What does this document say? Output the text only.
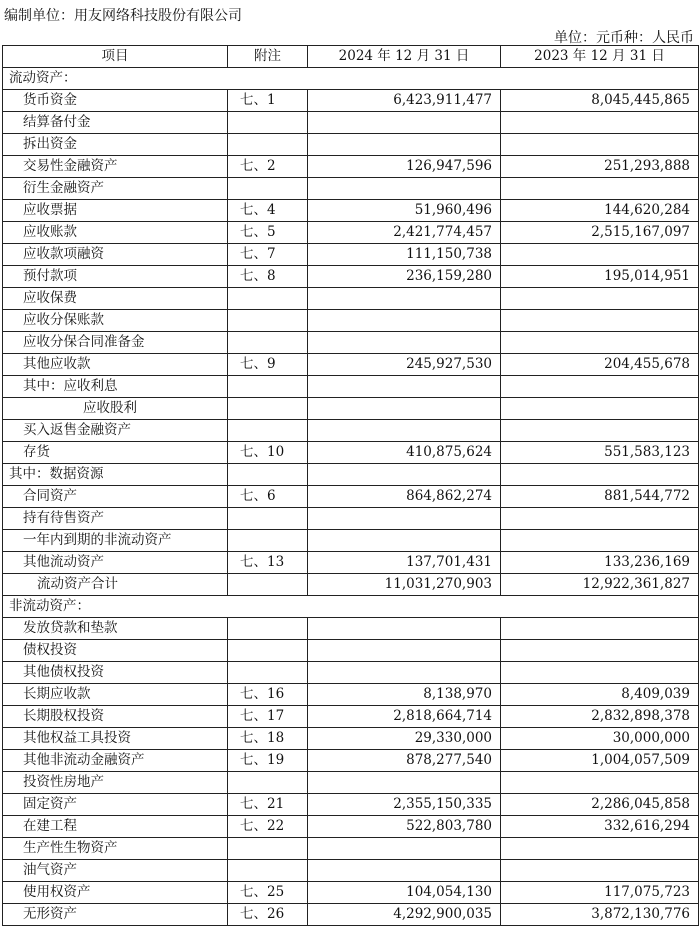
编制单位：用友网络科技股份有限公司
单位：元币种：人民币
项目	附注	2024 年 12 月 31 日	2023 年 12 月 31 日
流动资产：			
货币资金	七、1	6,423,911,477	8,045,445,865
结算备付金			
拆出资金			
交易性金融资产	七、2	126,947,596	251,293,888
衍生金融资产			
应收票据	七、4	51,960,496	144,620,284
应收账款	七、5	2,421,774,457	2,515,167,097
应收款项融资	七、7	111,150,738	
预付款项	七、8	236,159,280	195,014,951
应收保费			
应收分保账款			
应收分保合同准备金			
其他应收款	七、9	245,927,530	204,455,678
其中：应收利息			
应收股利			
买入返售金融资产			
存货	七、10	410,875,624	551,583,123
其中：数据资源			
合同资产	七、6	864,862,274	881,544,772
持有待售资产			
一年内到期的非流动资产			
其他流动资产	七、13	137,701,431	133,236,169
流动资产合计		11,031,270,903	12,922,361,827
非流动资产：			
发放贷款和垫款			
债权投资			
其他债权投资			
长期应收款	七、16	8,138,970	8,409,039
长期股权投资	七、17	2,818,664,714	2,832,898,378
其他权益工具投资	七、18	29,330,000	30,000,000
其他非流动金融资产	七、19	878,277,540	1,004,057,509
投资性房地产			
固定资产	七、21	2,355,150,335	2,286,045,858
在建工程	七、22	522,803,780	332,616,294
生产性生物资产			
油气资产			
使用权资产	七、25	104,054,130	117,075,723
无形资产	七、26	4,292,900,035	3,872,130,776
